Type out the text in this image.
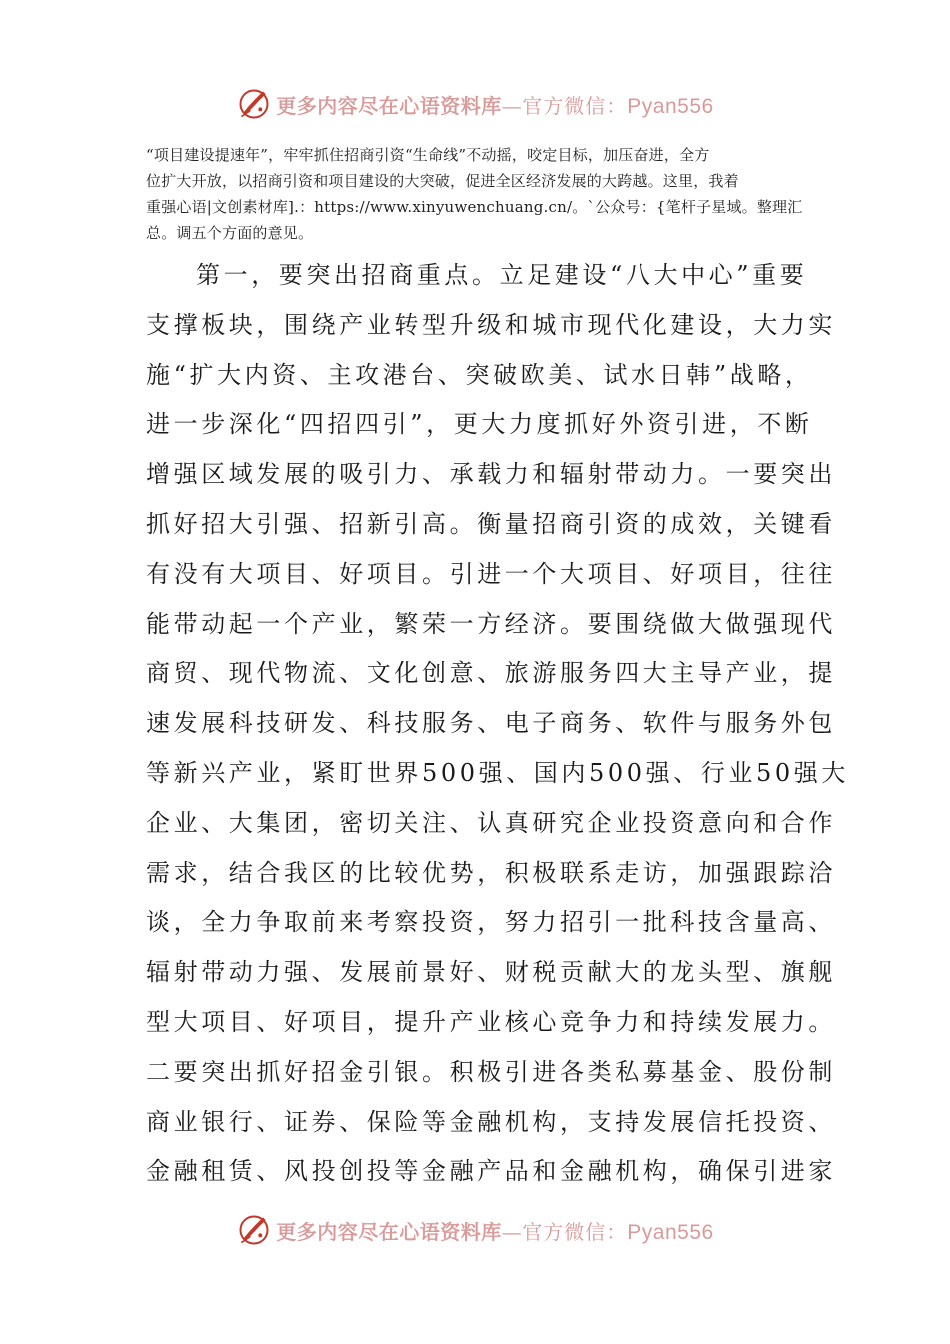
更多内容尽在心语资料库—官方微信：Pyan556
“项目建设提速年”，牢牢抓住招商引资“生命线”不动摇，咬定目标，加压奋进，全方
位扩大开放，以招商引资和项目建设的大突破，促进全区经济发展的大跨越。这里，我着
重强心语|文创素材库].：https://www.xinyuwenchuang.cn/。`公众号：{笔杆子星域。整理汇
总。调五个方面的意见。
第一，要突出招商重点。立足建设“八大中心”重要
支撑板块，围绕产业转型升级和城市现代化建设，大力实
施“扩大内资、主攻港台、突破欧美、试水日韩”战略，
进一步深化“四招四引”，更大力度抓好外资引进，不断
增强区域发展的吸引力、承载力和辐射带动力。一要突出
抓好招大引强、招新引高。衡量招商引资的成效，关键看
有没有大项目、好项目。引进一个大项目、好项目，往往
能带动起一个产业，繁荣一方经济。要围绕做大做强现代
商贸、现代物流、文化创意、旅游服务四大主导产业，提
速发展科技研发、科技服务、电子商务、软件与服务外包
等新兴产业，紧盯世界500强、国内500强、行业50强大
企业、大集团，密切关注、认真研究企业投资意向和合作
需求，结合我区的比较优势，积极联系走访，加强跟踪洽
谈，全力争取前来考察投资，努力招引一批科技含量高、
辐射带动力强、发展前景好、财税贡献大的龙头型、旗舰
型大项目、好项目，提升产业核心竞争力和持续发展力。
二要突出抓好招金引银。积极引进各类私募基金、股份制
商业银行、证券、保险等金融机构，支持发展信托投资、
金融租赁、风投创投等金融产品和金融机构，确保引进家
更多内容尽在心语资料库—官方微信：Pyan556
